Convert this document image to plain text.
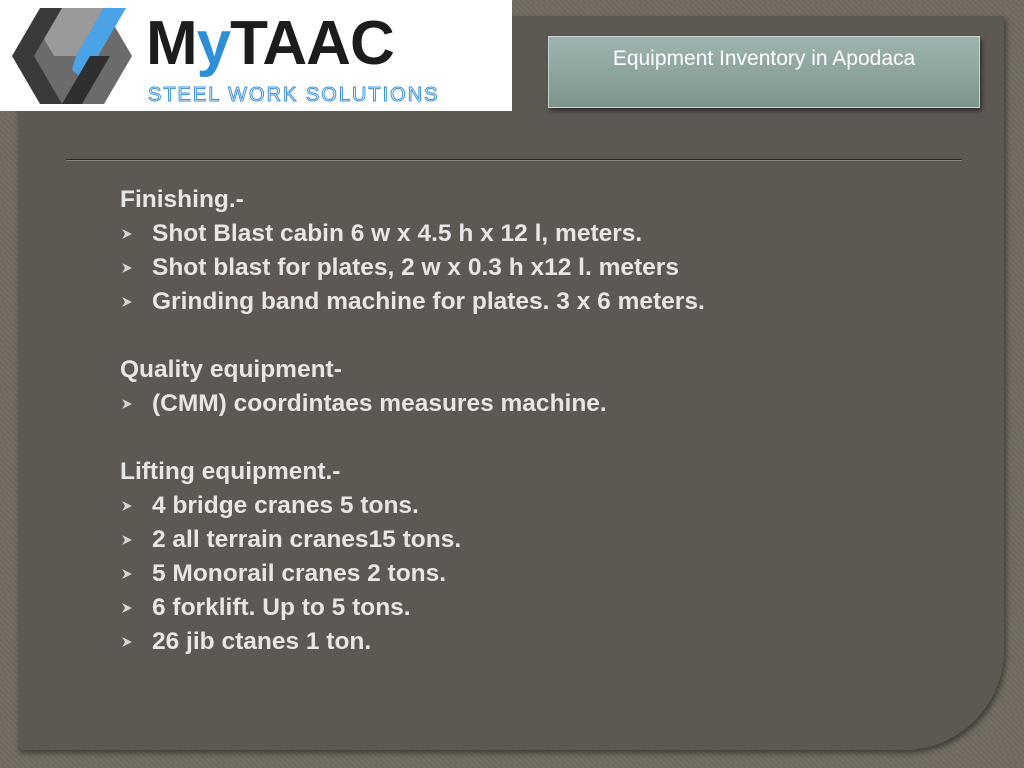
MyTAAC
STEEL WORK SOLUTIONS
Equipment Inventory in Apodaca
Finishing.-
Shot Blast cabin 6 w x 4.5 h x 12 l, meters.
Shot blast for plates, 2 w x 0.3 h x12 l. meters
Grinding band machine for plates. 3 x 6 meters.
Quality equipment-
(CMM) coordintaes measures machine.
Lifting equipment.-
4 bridge cranes 5 tons.
2 all terrain cranes15 tons.
5 Monorail cranes 2 tons.
6 forklift. Up to 5 tons.
26 jib ctanes 1 ton.
